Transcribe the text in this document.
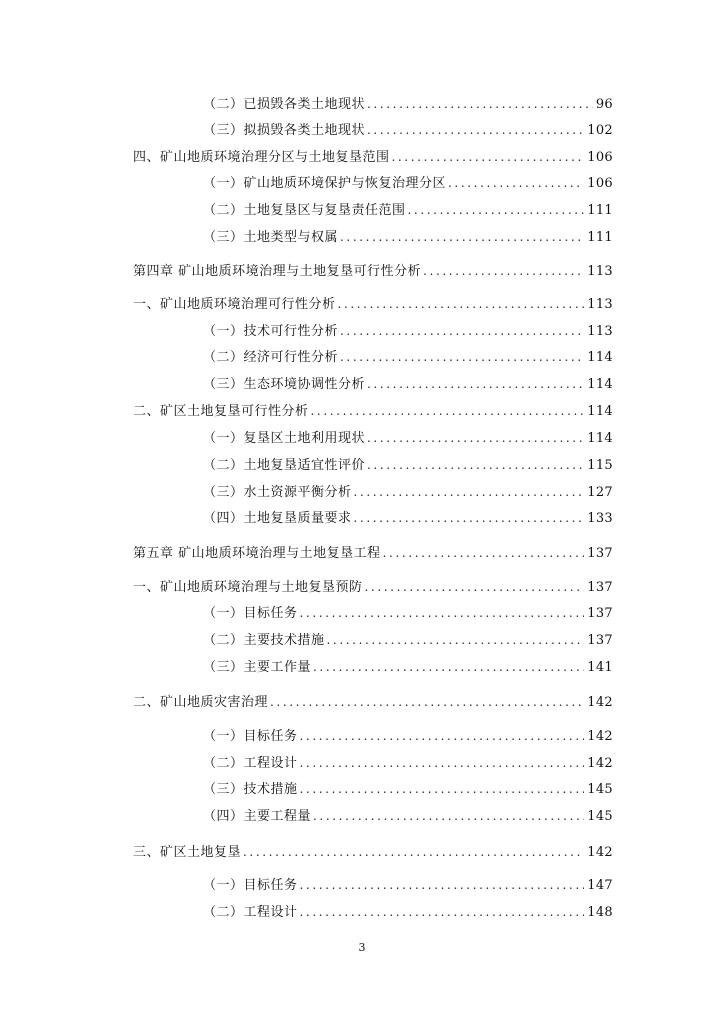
（二）已损毁各类土地现状 .....	96
（三）拟损毁各类土地现状 .....	102
四、矿山地质环境治理分区与土地复垦范围 .....	106
（一）矿山地质环境保护与恢复治理分区 .....	106
（二）土地复垦区与复垦责任范围 .....	111
（三）土地类型与权属 .....	111
第四章 矿山地质环境治理与土地复垦可行性分析 .....	113
一、矿山地质环境治理可行性分析 .....	113
（一）技术可行性分析 .....	113
（二）经济可行性分析 .....	114
（三）生态环境协调性分析 .....	114
二、矿区土地复垦可行性分析 .....	114
（一）复垦区土地利用现状 .....	114
（二）土地复垦适宜性评价 .....	115
（三）水土资源平衡分析 .....	127
（四）土地复垦质量要求 .....	133
第五章 矿山地质环境治理与土地复垦工程 .....	137
一、矿山地质环境治理与土地复垦预防 .....	137
（一）目标任务 .....	137
（二）主要技术措施 .....	137
（三）主要工作量 .....	141
二、矿山地质灾害治理 .....	142
（一）目标任务 .....	142
（二）工程设计 .....	142
（三）技术措施 .....	145
（四）主要工程量 .....	145
三、矿区土地复垦 .....	142
（一）目标任务 .....	147
（二）工程设计 .....	148
3
